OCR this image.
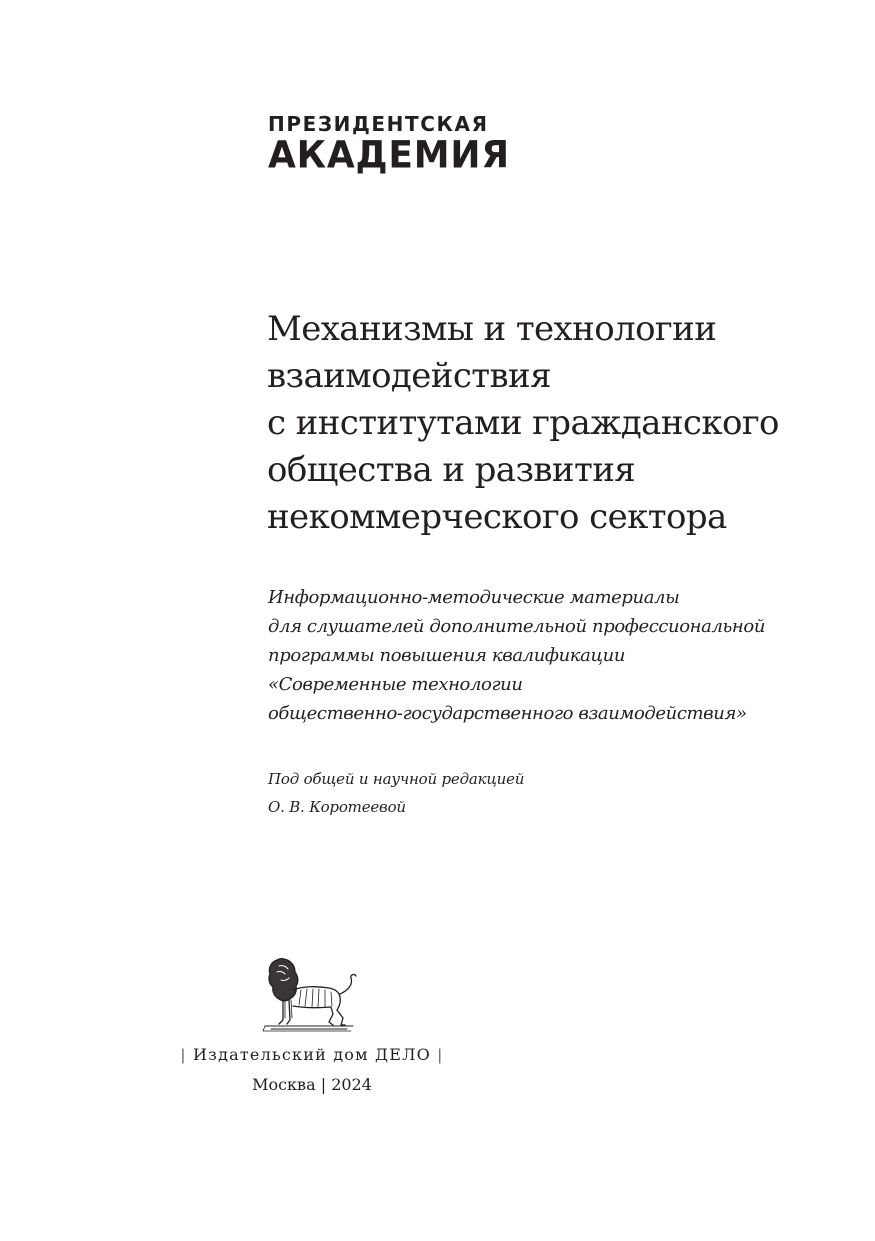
ПРЕЗИДЕНТСКАЯ
АКАДЕМИЯ
Механизмы и технологии
взаимодействия
с институтами гражданского
общества и развития
некоммерческого сектора
Информационно-методические материалы
для слушателей дополнительной профессиональной
программы повышения квалификации
«Современные технологии
общественно-государственного взаимодействия»
Под общей и научной редакцией
О. В. Коротеевой
| Издательский дом ДЕЛО |
Москва | 2024
